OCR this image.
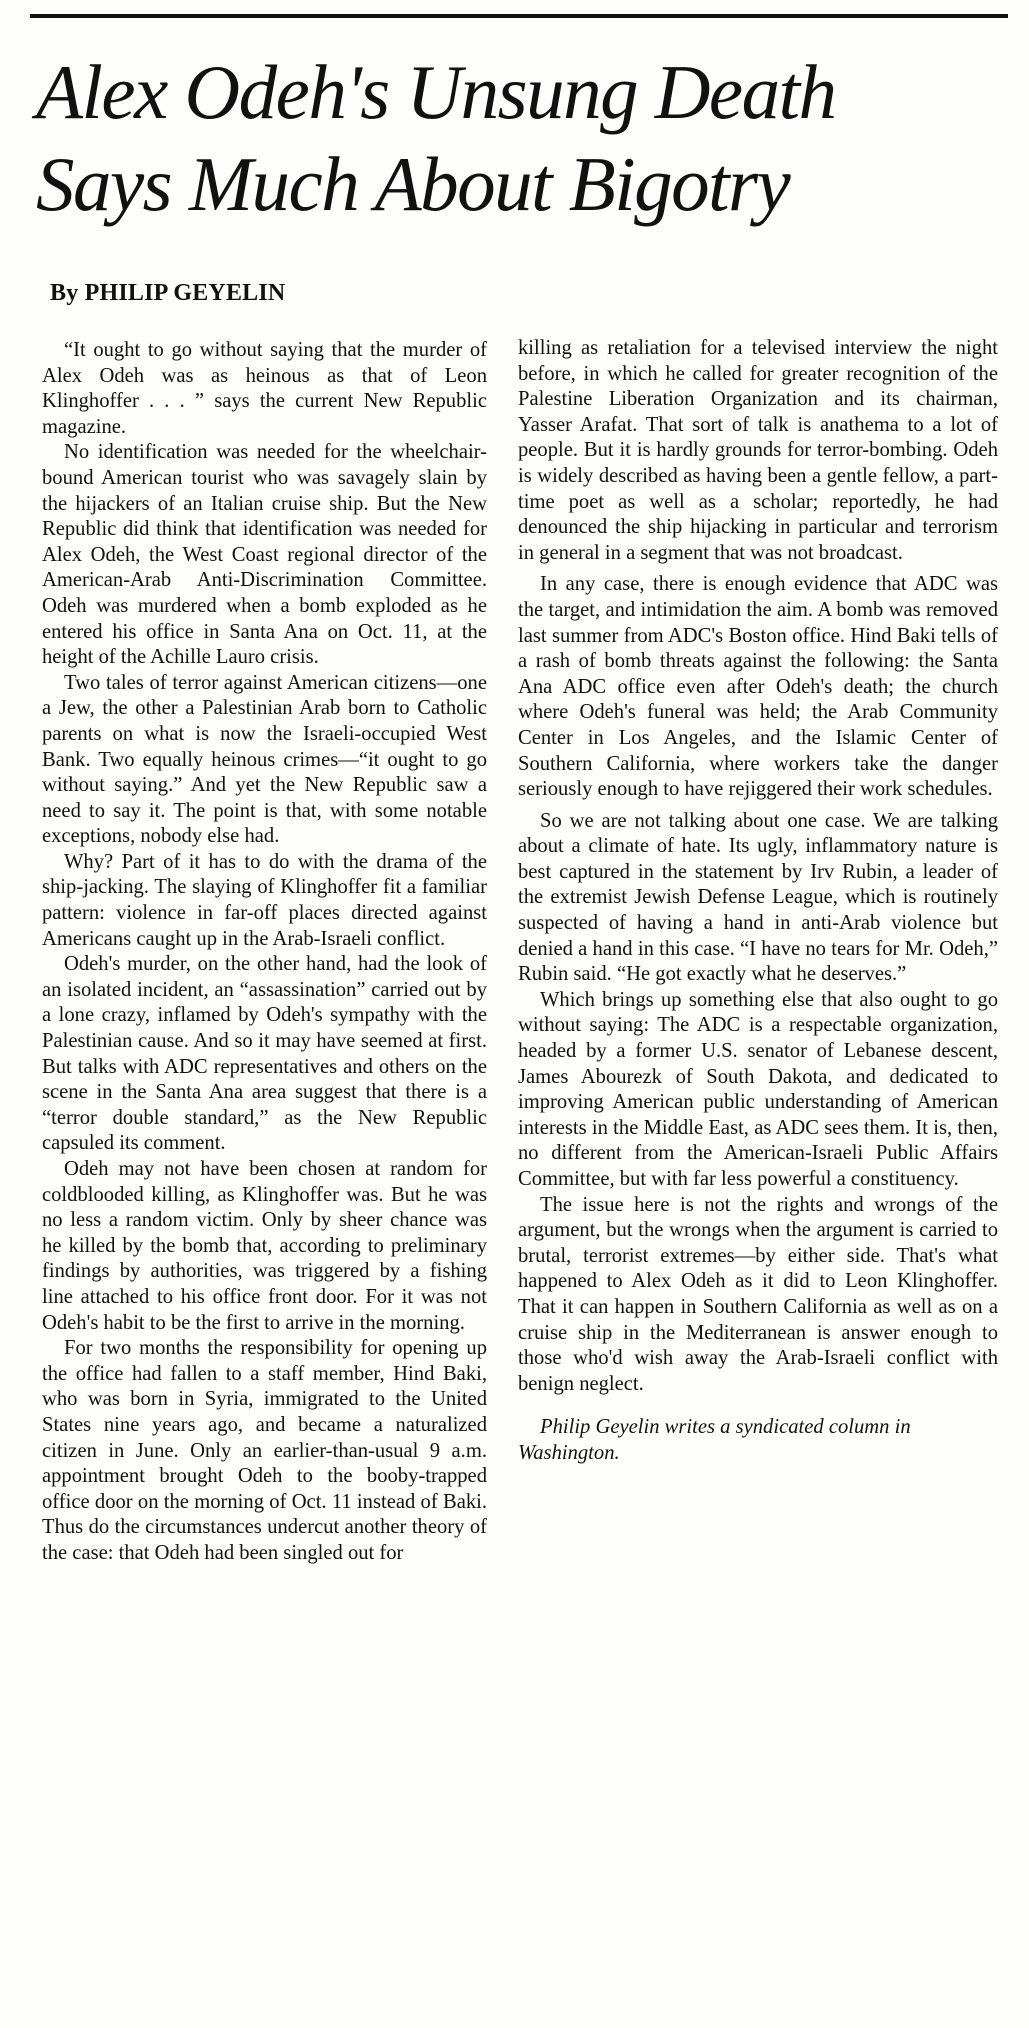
Alex Odeh's Unsung Death
Says Much About Bigotry
By PHILIP GEYELIN

“It ought to go without saying that the murder of Alex Odeh was as heinous as that of Leon Klinghoffer . . . ” says the current New Republic magazine.

No identification was needed for the wheelchair-bound American tourist who was savagely slain by the hijackers of an Italian cruise ship. But the New Republic did think that identification was needed for Alex Odeh, the West Coast regional director of the American-Arab Anti-Discrimination Committee. Odeh was murdered when a bomb exploded as he entered his office in Santa Ana on Oct. 11, at the height of the Achille Lauro crisis.

Two tales of terror against American citizens—one a Jew, the other a Palestinian Arab born to Catholic parents on what is now the Israeli-occupied West Bank. Two equally heinous crimes—“it ought to go without saying.” And yet the New Republic saw a need to say it. The point is that, with some notable exceptions, nobody else had.

Why? Part of it has to do with the drama of the ship-jacking. The slaying of Klinghoffer fit a familiar pattern: violence in far-off places directed against Americans caught up in the Arab-Israeli conflict.

Odeh's murder, on the other hand, had the look of an isolated incident, an “assassination” carried out by a lone crazy, inflamed by Odeh's sympathy with the Palestinian cause. And so it may have seemed at first. But talks with ADC representatives and others on the scene in the Santa Ana area suggest that there is a “terror double standard,” as the New Republic capsuled its comment.

Odeh may not have been chosen at random for coldblooded killing, as Klinghoffer was. But he was no less a random victim. Only by sheer chance was he killed by the bomb that, according to preliminary findings by authorities, was triggered by a fishing line attached to his office front door. For it was not Odeh's habit to be the first to arrive in the morning.

For two months the responsibility for opening up the office had fallen to a staff member, Hind Baki, who was born in Syria, immigrated to the United States nine years ago, and became a naturalized citizen in June. Only an earlier-than-usual 9 a.m. appointment brought Odeh to the booby-trapped office door on the morning of Oct. 11 instead of Baki. Thus do the circumstances undercut another theory of the case: that Odeh had been singled out for

killing as retaliation for a televised interview the night before, in which he called for greater recognition of the Palestine Liberation Organization and its chairman, Yasser Arafat. That sort of talk is anathema to a lot of people. But it is hardly grounds for terror-bombing. Odeh is widely described as having been a gentle fellow, a part-time poet as well as a scholar; reportedly, he had denounced the ship hijacking in particular and terrorism in general in a segment that was not broadcast.

In any case, there is enough evidence that ADC was the target, and intimidation the aim. A bomb was removed last summer from ADC's Boston office. Hind Baki tells of a rash of bomb threats against the following: the Santa Ana ADC office even after Odeh's death; the church where Odeh's funeral was held; the Arab Community Center in Los Angeles, and the Islamic Center of Southern California, where workers take the danger seriously enough to have rejiggered their work schedules.

So we are not talking about one case. We are talking about a climate of hate. Its ugly, inflammatory nature is best captured in the statement by Irv Rubin, a leader of the extremist Jewish Defense League, which is routinely suspected of having a hand in anti-Arab violence but denied a hand in this case. “I have no tears for Mr. Odeh,” Rubin said. “He got exactly what he deserves.”

Which brings up something else that also ought to go without saying: The ADC is a respectable organization, headed by a former U.S. senator of Lebanese descent, James Abourezk of South Dakota, and dedicated to improving American public understanding of American interests in the Middle East, as ADC sees them. It is, then, no different from the American-Israeli Public Affairs Committee, but with far less powerful a constituency.

The issue here is not the rights and wrongs of the argument, but the wrongs when the argument is carried to brutal, terrorist extremes—by either side. That's what happened to Alex Odeh as it did to Leon Klinghoffer. That it can happen in Southern California as well as on a cruise ship in the Mediterranean is answer enough to those who'd wish away the Arab-Israeli conflict with benign neglect.

Philip Geyelin writes a syndicated column in Washington.
